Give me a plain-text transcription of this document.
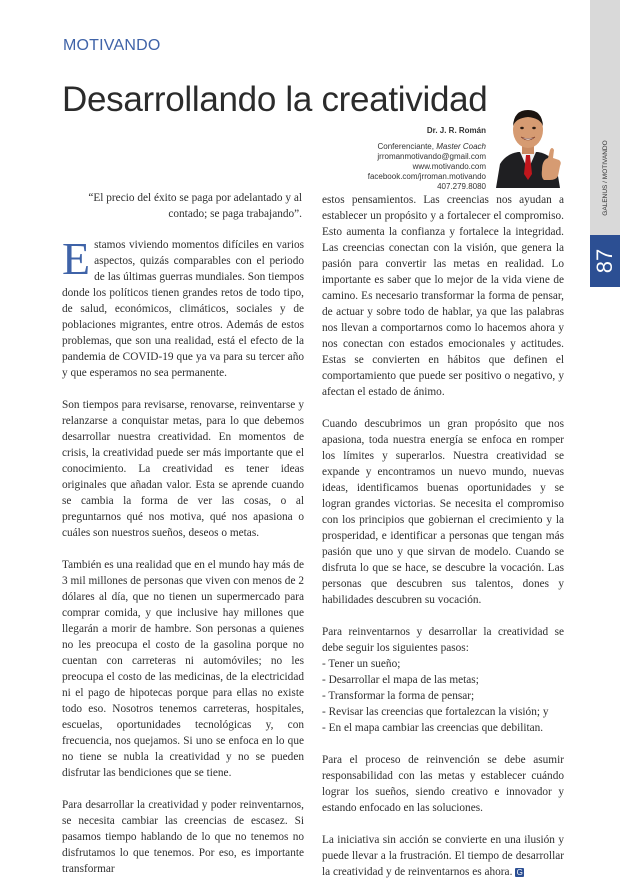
GALENUS / MOTIVANDO
87
MOTIVANDO
Desarrollando la creatividad
Dr. J. R. Román
Conferenciante, Master Coach
jrromanmotivando@gmail.com
www.motivando.com
facebook.com/jrroman.motivando
407.279.8080
“El precio del éxito se paga por adelantado y al contado; se paga trabajando”.

Estamos viviendo momentos difíciles en varios aspectos, quizás comparables con el periodo de las últimas guerras mundiales. Son tiempos donde los políticos tienen grandes retos de todo tipo, de salud, económicos, climáticos, sociales y de poblaciones migrantes, entre otros. Además de estos problemas, que son una realidad, está el efecto de la pandemia de COVID-19 que ya va para su tercer año y que esperamos no sea permanente.

Son tiempos para revisarse, renovarse, reinventarse y relanzarse a conquistar metas, para lo que debemos desarrollar nuestra creatividad. En momentos de crisis, la creatividad puede ser más importante que el conocimiento. La creatividad es tener ideas originales que añadan valor. Esta se aprende cuando se cambia la forma de ver las cosas, o al preguntarnos qué nos motiva, qué nos apasiona o cuáles son nuestros sueños, deseos o metas.

También es una realidad que en el mundo hay más de 3 mil millones de personas que viven con menos de 2 dólares al día, que no tienen un supermercado para comprar comida, y que inclusive hay millones que llegarán a morir de hambre. Son personas a quienes no les preocupa el costo de la gasolina porque no cuentan con carreteras ni automóviles; no les preocupa el costo de las medicinas, de la electricidad ni el pago de hipotecas porque para ellas no existe todo eso. Nosotros tenemos carreteras, hospitales, escuelas, oportunidades tecnológicas y, con frecuencia, nos quejamos. Si uno se enfoca en lo que no tiene se nubla la creatividad y no se pueden disfrutar las bendiciones que se tiene.

Para desarrollar la creatividad y poder reinventarnos, se necesita cambiar las creencias de escasez. Si pasamos tiempo hablando de lo que no tenemos no disfrutamos lo que tenemos. Por eso, es importante transformar

estos pensamientos. Las creencias nos ayudan a establecer un propósito y a fortalecer el compromiso. Esto aumenta la confianza y fortalece la integridad. Las creencias conectan con la visión, que genera la pasión para convertir las metas en realidad. Lo importante es saber que lo mejor de la vida viene de camino. Es necesario transformar la forma de pensar, de actuar y sobre todo de hablar, ya que las palabras nos llevan a comportarnos como lo hacemos ahora y nos conectan con estados emocionales y actitudes. Estas se convierten en hábitos que definen el comportamiento que puede ser positivo o negativo, y afectan el estado de ánimo.

Cuando descubrimos un gran propósito que nos apasiona, toda nuestra energía se enfoca en romper los límites y superarlos. Nuestra creatividad se expande y encontramos un nuevo mundo, nuevas ideas, identificamos buenas oportunidades y se logran grandes victorias. Se necesita el compromiso con los principios que gobiernan el crecimiento y la prosperidad, e identificar a personas que tengan más pasión que uno y que sirvan de modelo. Cuando se disfruta lo que se hace, se descubre la vocación. Las personas que descubren sus talentos, dones y habilidades descubren su vocación.

Para reinventarnos y desarrollar la creatividad se debe seguir los siguientes pasos:

- Tener un sueño;
- Desarrollar el mapa de las metas;
- Transformar la forma de pensar;
- Revisar las creencias que fortalezcan la visión; y
- En el mapa cambiar las creencias que debilitan.

Para el proceso de reinvención se debe asumir responsabilidad con las metas y establecer cuándo lograr los sueños, siendo creativo e innovador y estando enfocado en las soluciones.

La iniciativa sin acción se convierte en una ilusión y puede llevar a la frustración. El tiempo de desarrollar la creatividad y de reinventarnos es ahora. G
